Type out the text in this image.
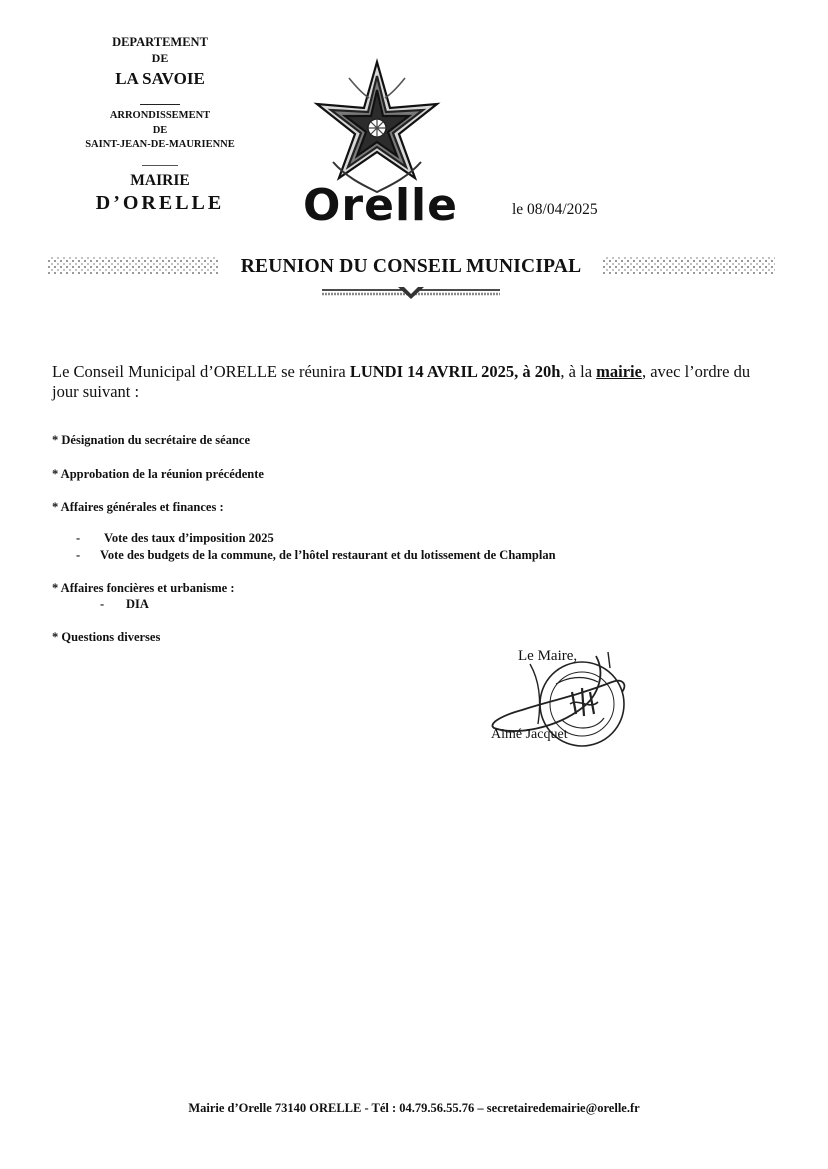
DEPARTEMENT
DE
LA SAVOIE
ARRONDISSEMENT
DE
SAINT-JEAN-DE-MAURIENNE
MAIRIE
D’ORELLE	Orelle	le 08/04/2025
REUNION DU CONSEIL MUNICIPAL
Le Conseil Municipal d’ORELLE se réunira LUNDI 14 AVRIL 2025, à 20h, à la mairie, avec l’ordre du jour suivant :
* Désignation du secrétaire de séance
* Approbation de la réunion précédente
* Affaires générales et finances :
- Vote des taux d’imposition 2025
- Vote des budgets de la commune, de l’hôtel restaurant et du lotissement de Champlan
* Affaires foncières et urbanisme :
- DIA
* Questions diverses
Le Maire,
Aimé Jacquet
Mairie d’Orelle 73140 ORELLE - Tél : 04.79.56.55.76 – secretairedemairie@orelle.fr
